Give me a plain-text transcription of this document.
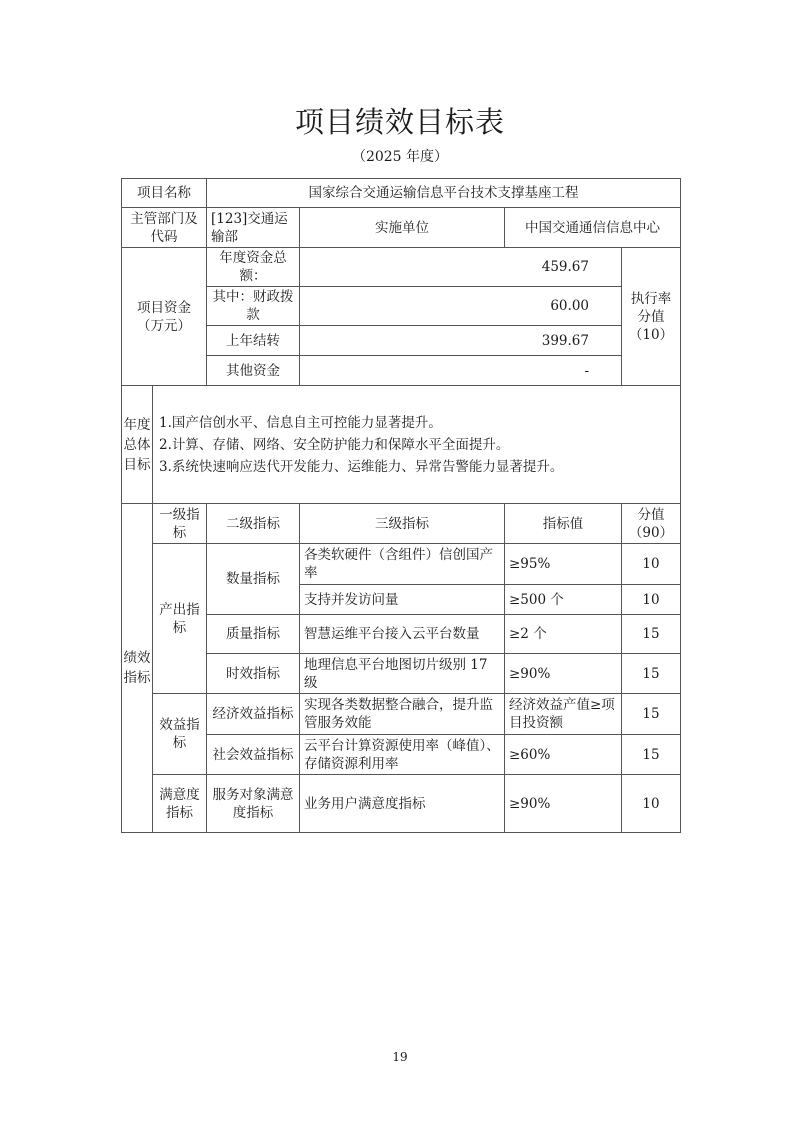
项目绩效目标表
（2025 年度）
项目名称		国家综合交通运输信息平台技术支撑基座工程			
主管部门及代码		[123]交通运输部	实施单位	中国交通通信信息中心	
项目资金（万元）		年度资金总额：	459.67		执行率分值（10）
		其中：财政拨款	60.00		
		上年结转	399.67		
		其他资金	-		
年度总体目标	1.国产信创水平、信息自主可控能力显著提升。
2.计算、存储、网络、安全防护能力和保障水平全面提升。
3.系统快速响应迭代开发能力、运维能力、异常告警能力显著提升。				

绩效指标	一级指标	二级指标	三级指标	指标值	分值（90）
	产出指标	数量指标	各类软硬件（含组件）信创国产率	≥95%	10
			支持并发访问量	≥500 个	10
		质量指标	智慧运维平台接入云平台数量	≥2 个	15
		时效指标	地理信息平台地图切片级别 17 级	≥90%	15
	效益指标	经济效益指标	实现各类数据整合融合，提升监管服务效能	经济效益产值≥项目投资额	15
		社会效益指标	云平台计算资源使用率（峰值）、存储资源利用率	≥60%	15
	满意度指标	服务对象满意度指标	业务用户满意度指标	≥90%	10
19
